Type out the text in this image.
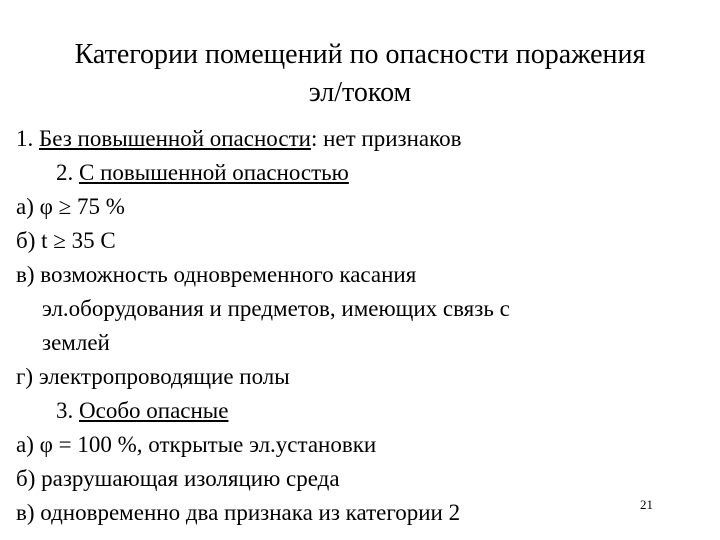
Категории помещений по опасности поражения
эл/током
1. Без повышенной опасности: нет признаков
2. С повышенной опасностью
а) φ ≥ 75 %
б) t ≥ 35 С
в) возможность одновременного касания
эл.оборудования и предметов, имеющих связь с
землей
г) электропроводящие полы
3. Особо опасные
а) φ = 100 %, открытые эл.установки
б) разрушающая изоляцию среда
в) одновременно два признака из категории 2	21
